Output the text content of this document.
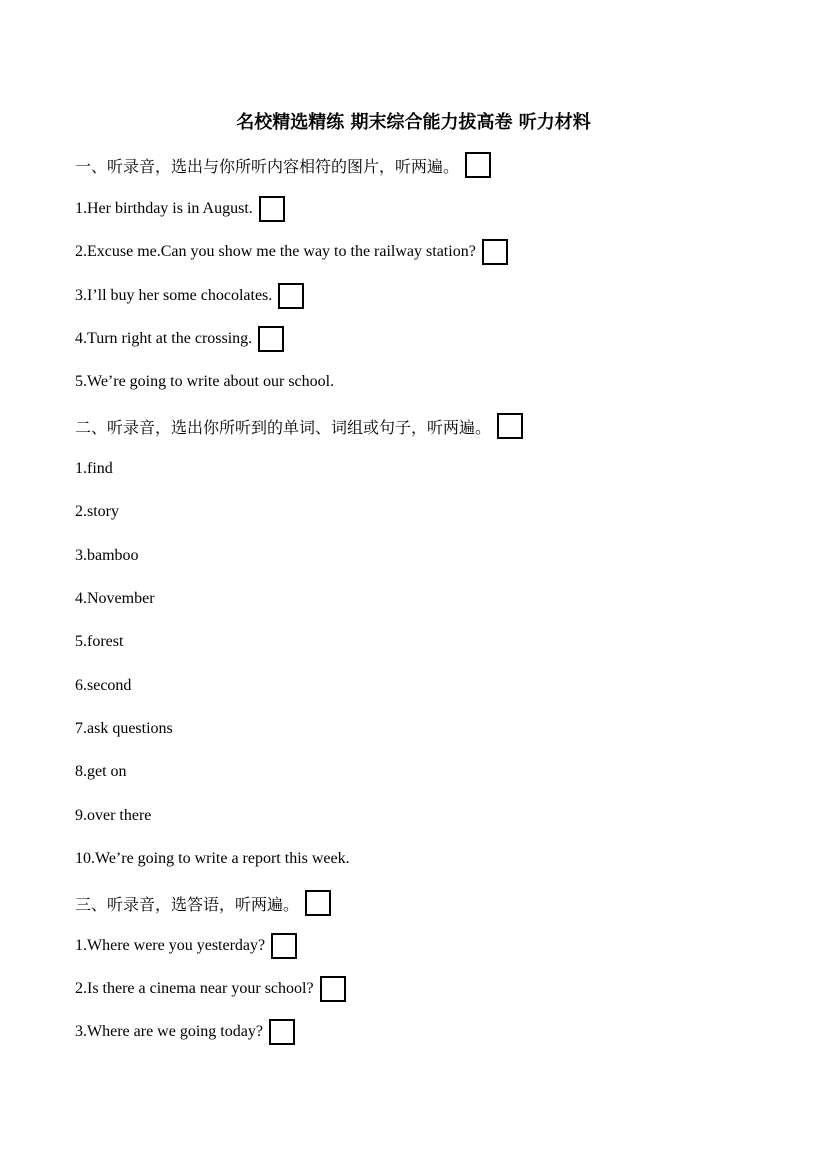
名校精选精练 期末综合能力拔高卷 听力材料
一、听录音，选出与你所听内容相符的图片，听两遍。
1.Her birthday is in August.
2.Excuse me.Can you show me the way to the railway station?
3.I’ll buy her some chocolates.
4.Turn right at the crossing.
5.We’re going to write about our school.
二、听录音，选出你所听到的单词、词组或句子，听两遍。
1.find
2.story
3.bamboo
4.November
5.forest
6.second
7.ask questions
8.get on
9.over there
10.We’re going to write a report this week.
三、听录音，选答语，听两遍。
1.Where were you yesterday?
2.Is there a cinema near your school?
3.Where are we going today?
